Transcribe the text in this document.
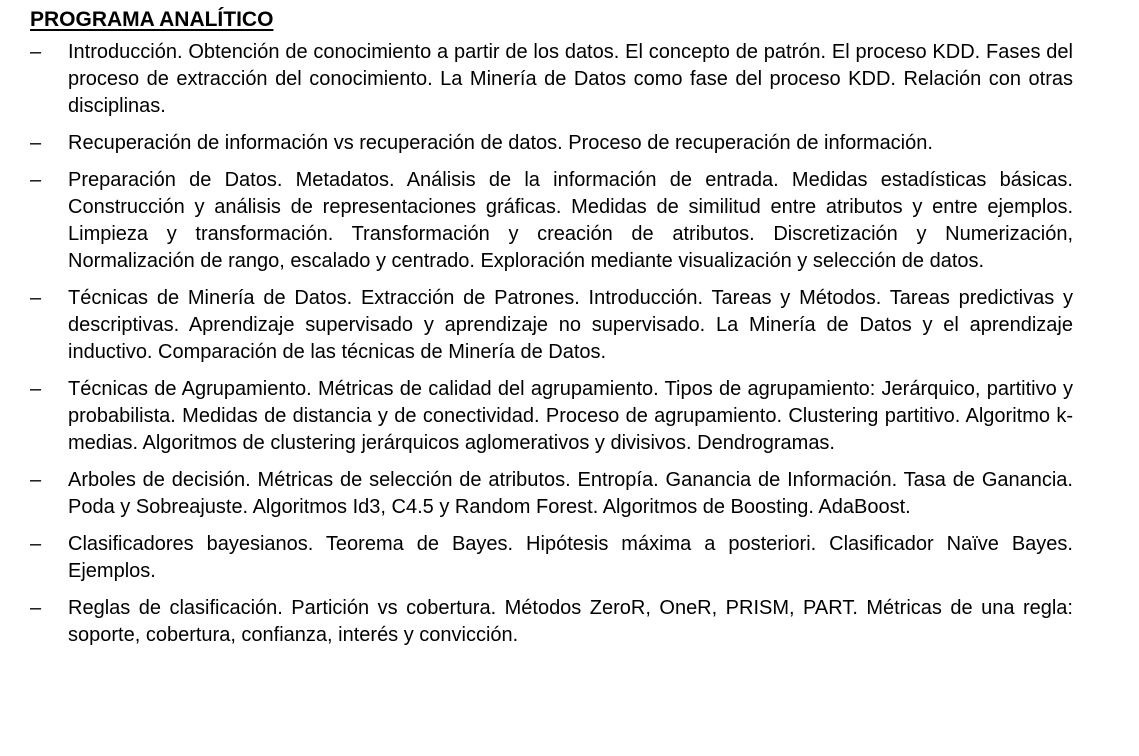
PROGRAMA ANALÍTICO
–	Introducción. Obtención de conocimiento a partir de los datos. El concepto de patrón. El proceso KDD. Fases del proceso de extracción del conocimiento. La Minería de Datos como fase del proceso KDD. Relación con otras disciplinas.
–	Recuperación de información vs recuperación de datos. Proceso de recuperación de información.
–	Preparación de Datos. Metadatos. Análisis de la información de entrada. Medidas estadísticas básicas. Construcción y análisis de representaciones gráficas. Medidas de similitud entre atributos y entre ejemplos. Limpieza y transformación. Transformación y creación de atributos. Discretización y Numerización, Normalización de rango, escalado y centrado. Exploración mediante visualización y selección de datos.
–	Técnicas de Minería de Datos. Extracción de Patrones. Introducción. Tareas y Métodos. Tareas predictivas y descriptivas. Aprendizaje supervisado y aprendizaje no supervisado. La Minería de Datos y el aprendizaje inductivo. Comparación de las técnicas de Minería de Datos.
–	Técnicas de Agrupamiento. Métricas de calidad del agrupamiento. Tipos de agrupamiento: Jerárquico, partitivo y probabilista. Medidas de distancia y de conectividad. Proceso de agrupamiento. Clustering partitivo. Algoritmo k-medias. Algoritmos de clustering jerárquicos aglomerativos y divisivos. Dendrogramas.
–	Arboles de decisión. Métricas de selección de atributos. Entropía. Ganancia de Información. Tasa de Ganancia. Poda y Sobreajuste. Algoritmos Id3, C4.5 y Random Forest. Algoritmos de Boosting. AdaBoost.
–	Clasificadores bayesianos. Teorema de Bayes. Hipótesis máxima a posteriori. Clasificador Naïve Bayes. Ejemplos.
–	Reglas de clasificación. Partición vs cobertura. Métodos ZeroR, OneR, PRISM, PART. Métricas de una regla: soporte, cobertura, confianza, interés y convicción.
